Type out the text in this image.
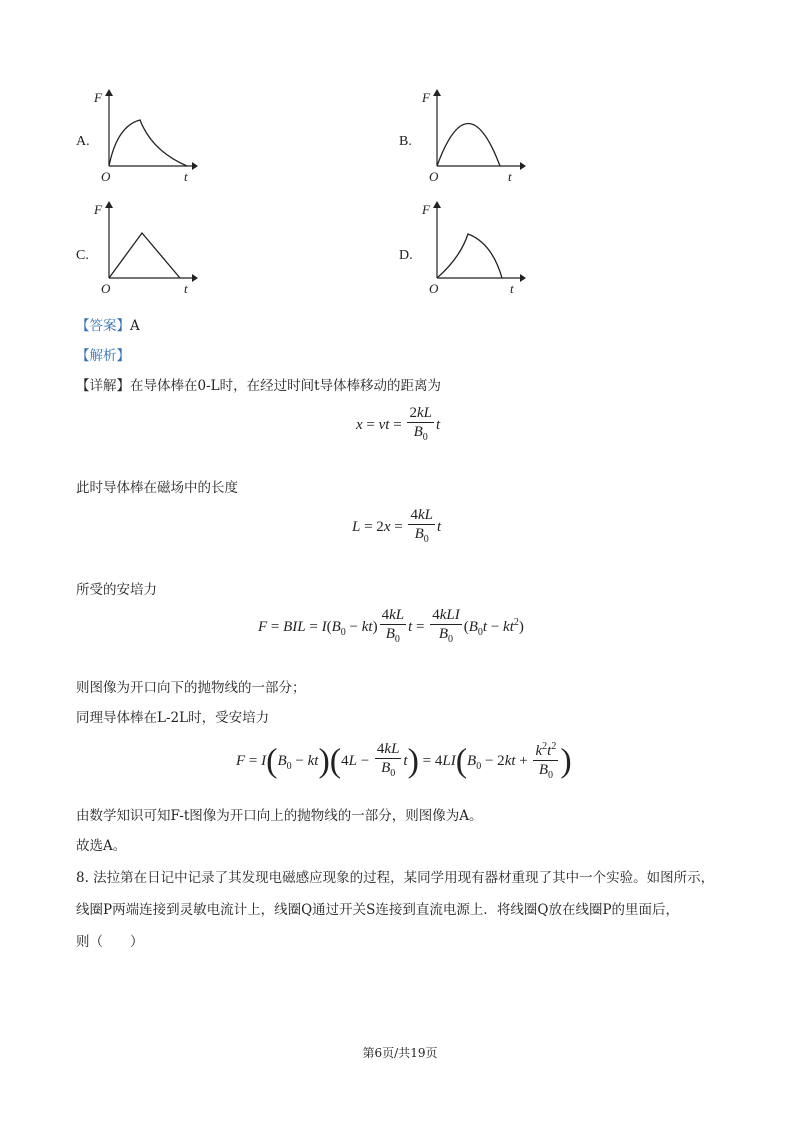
A.
F
O	t
B.
F
O	t
C.
F
O	t
D.
F
O	t
【答案】A
【解析】
【详解】在导体棒在0-L时，在经过时间t导体棒移动的距离为
x = vt = $\frac{2kL}{B_0}$ t
此时导体棒在磁场中的长度
$L = 2x = \frac{4kL}{B_0}$ t
所受的安培力
F = BIL = $I(B_0 - kt) \frac{4kL}{B_0}$ $t = \frac{\text{4kLI}}{B_0} (B_0t - kt^2)$
则图像为开口向下的抛物线的一部分；
同理导体棒在L-2L时，受安培力
$F = I(B_0 - kt)(4L - \frac{4kL}{B_0} t) = 4LI(B_0 - 2kt + \frac{k^2t^2}{B_0}$ )
由数学知识可知F-t图像为开口向上的抛物线的一部分，则图像为A。
故选A。
8. 法拉第在日记中记录了其发现电磁感应现象的过程，某同学用现有器材重现了其中一个实验。如图所示，
线圈P两端连接到灵敏电流计上，线圈Q通过开关S连接到直流电源上．将线圈Q放在线圈P的里面后，
则（　　）
第6页/共19页
